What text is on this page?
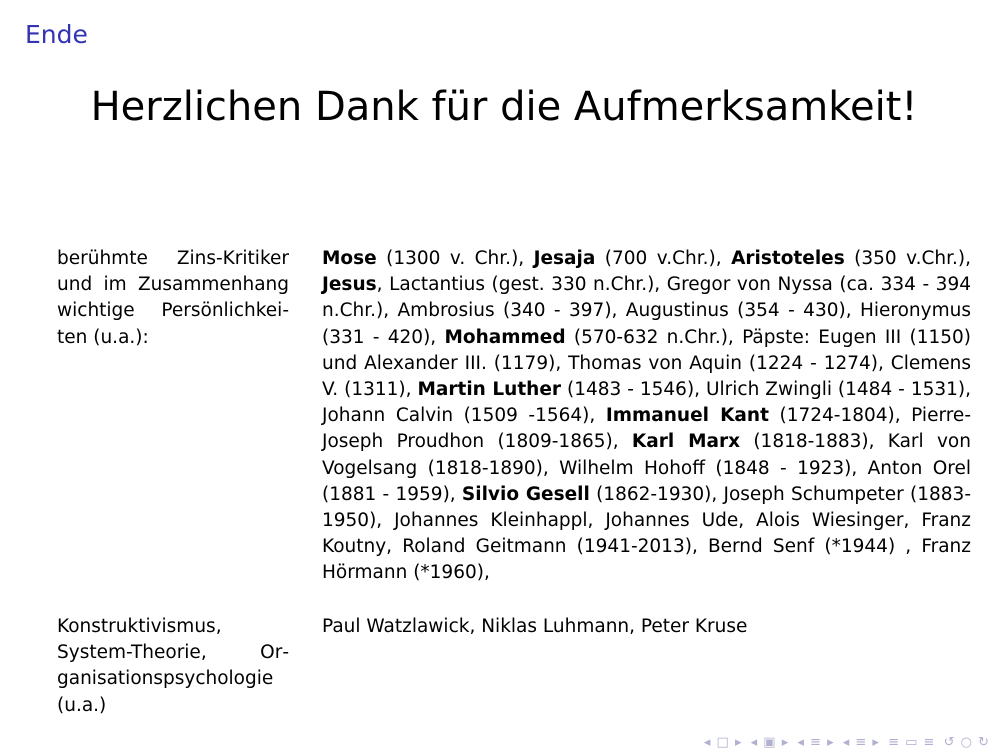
Ende
Herzlichen Dank für die Aufmerksamkeit!
berühmte Zins-Kritiker und im Zusammenhang wichtige Persönlichkeiten (u.a.):
Mose (1300 v. Chr.), Jesaja (700 v.Chr.), Aristoteles (350 v.Chr.), Jesus, Lactantius (gest. 330 n.Chr.), Gregor von Nyssa (ca. 334 - 394 n.Chr.), Ambrosius (340 - 397), Augustinus (354 - 430), Hieronymus (331 - 420), Mohammed (570-632 n.Chr.), Päpste: Eugen III (1150) und Alexander III. (1179), Thomas von Aquin (1224 - 1274), Clemens V. (1311), Martin Luther (1483 - 1546), Ulrich Zwingli (1484 - 1531), Johann Calvin (1509 -1564), Immanuel Kant (1724-1804), Pierre-Joseph Proudhon (1809-1865), Karl Marx (1818-1883), Karl von Vogelsang (1818-1890), Wilhelm Hohoff (1848 - 1923), Anton Orel (1881 - 1959), Silvio Gesell (1862-1930), Joseph Schumpeter (1883-1950), Johannes Kleinhappl, Johannes Ude, Alois Wiesinger, Franz Koutny, Roland Geitmann (1941-2013), Bernd Senf (*1944) , Franz Hörmann (*1960),
Konstruktivismus, System-Theorie, Organisationspsychologie (u.a.)
Paul Watzlawick, Niklas Luhmann, Peter Kruse
◂ □ ▸ ◂ ▣ ▸ ◂ ≡ ▸ ◂ ≡ ▸ ≡ ▭ ≡ ↺ ○ ↻
